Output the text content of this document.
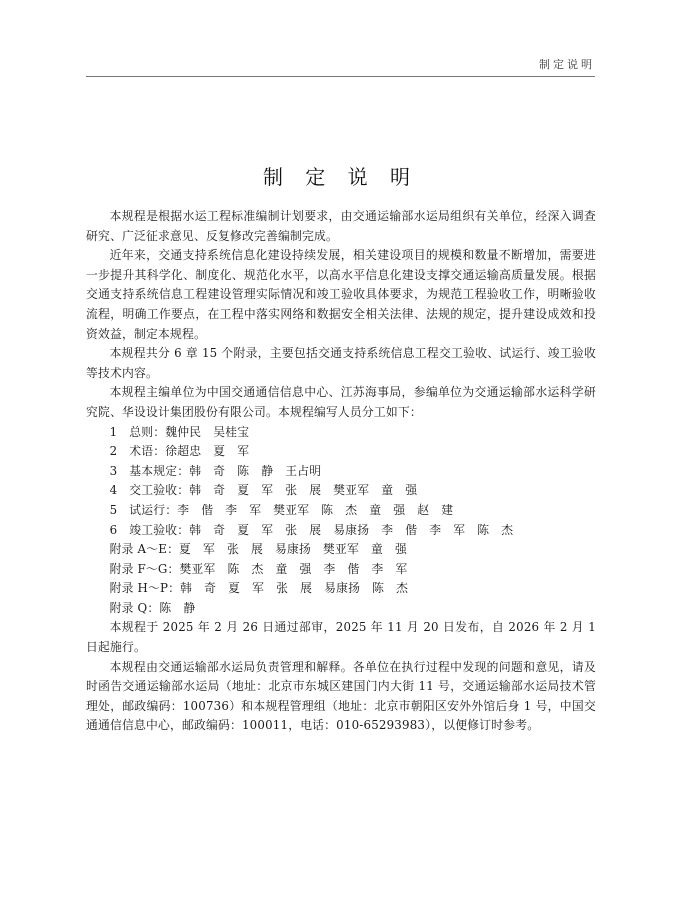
制定说明
制 定 说 明

本规程是根据水运工程标准编制计划要求，由交通运输部水运局组织有关单位，经深入调查研究、广泛征求意见、反复修改完善编制完成。

近年来，交通支持系统信息化建设持续发展，相关建设项目的规模和数量不断增加，需要进一步提升其科学化、制度化、规范化水平，以高水平信息化建设支撑交通运输高质量发展。根据交通支持系统信息工程建设管理实际情况和竣工验收具体要求，为规范工程验收工作，明晰验收流程，明确工作要点，在工程中落实网络和数据安全相关法律、法规的规定，提升建设成效和投资效益，制定本规程。

本规程共分 6 章 15 个附录，主要包括交通支持系统信息工程交工验收、试运行、竣工验收等技术内容。

本规程主编单位为中国交通通信信息中心、江苏海事局，参编单位为交通运输部水运科学研究院、华设设计集团股份有限公司。本规程编写人员分工如下：

1　总则：魏仲民　吴桂宝
2　术语：徐超忠　夏　军
3　基本规定：韩　奇　陈　静　王占明
4　交工验收：韩　奇　夏　军　张　展　樊亚军　童　强
5　试运行：李　偕　李　军　樊亚军　陈　杰　童　强　赵　建
6　竣工验收：韩　奇　夏　军　张　展　易康扬　李　偕　李　军　陈　杰
附录 A～E：夏　军　张　展　易康扬　樊亚军　童　强
附录 F～G：樊亚军　陈　杰　童　强　李　偕　李　军
附录 H～P：韩　奇　夏　军　张　展　易康扬　陈　杰
附录 Q：陈　静

本规程于 2025 年 2 月 26 日通过部审，2025 年 11 月 20 日发布，自 2026 年 2 月 1 日起施行。

本规程由交通运输部水运局负责管理和解释。各单位在执行过程中发现的问题和意见，请及时函告交通运输部水运局（地址：北京市东城区建国门内大街 11 号，交通运输部水运局技术管理处，邮政编码：100736）和本规程管理组（地址：北京市朝阳区安外外馆后身 1 号，中国交通通信信息中心，邮政编码：100011，电话：010-65293983），以便修订时参考。
